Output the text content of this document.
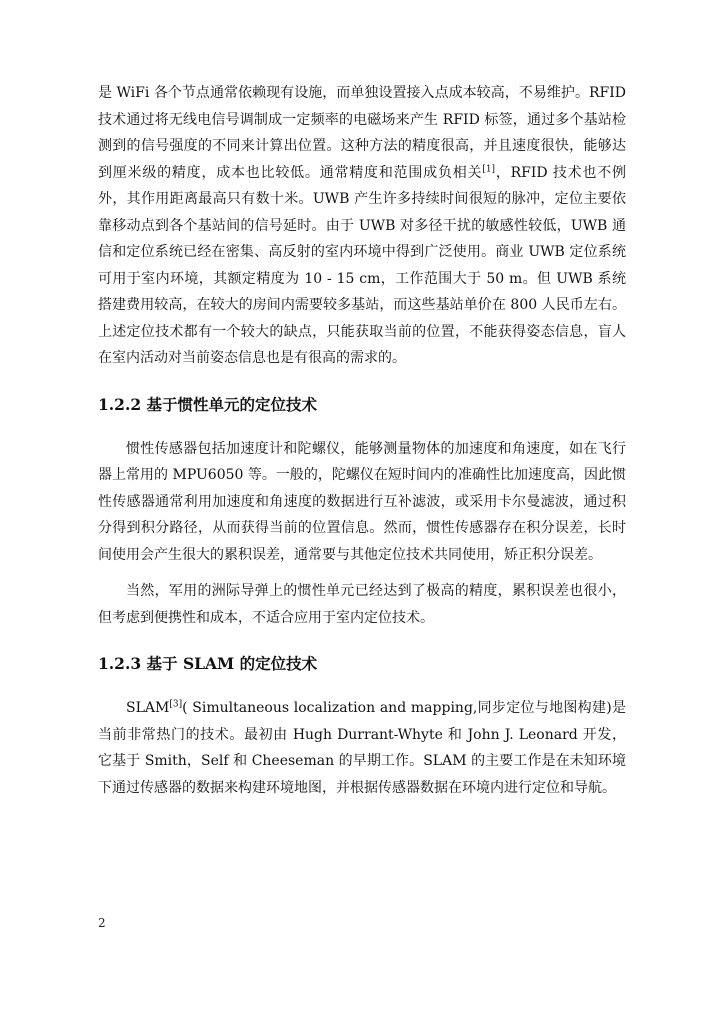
是 WiFi 各个节点通常依赖现有设施，而单独设置接入点成本较高，不易维护。RFID 技术通过将无线电信号调制成一定频率的电磁场来产生 RFID 标签，通过多个基站检测到的信号强度的不同来计算出位置。这种方法的精度很高，并且速度很快，能够达到厘米级的精度，成本也比较低。通常精度和范围成负相关[1]，RFID 技术也不例外，其作用距离最高只有数十米。UWB 产生许多持续时间很短的脉冲，定位主要依靠移动点到各个基站间的信号延时。由于 UWB 对多径干扰的敏感性较低，UWB 通信和定位系统已经在密集、高反射的室内环境中得到广泛使用。商业 UWB 定位系统可用于室内环境，其额定精度为 10 - 15 cm，工作范围大于 50 m。但 UWB 系统搭建费用较高，在较大的房间内需要较多基站，而这些基站单价在 800 人民币左右。上述定位技术都有一个较大的缺点，只能获取当前的位置，不能获得姿态信息，盲人在室内活动对当前姿态信息也是有很高的需求的。

1.2.2 基于惯性单元的定位技术

惯性传感器包括加速度计和陀螺仪，能够测量物体的加速度和角速度，如在飞行器上常用的 MPU6050 等。一般的，陀螺仪在短时间内的准确性比加速度高，因此惯性传感器通常利用加速度和角速度的数据进行互补滤波，或采用卡尔曼滤波，通过积分得到积分路径，从而获得当前的位置信息。然而，惯性传感器存在积分误差，长时间使用会产生很大的累积误差，通常要与其他定位技术共同使用，矫正积分误差。

当然，军用的洲际导弹上的惯性单元已经达到了极高的精度，累积误差也很小，但考虑到便携性和成本，不适合应用于室内定位技术。

1.2.3 基于 SLAM 的定位技术

SLAM[3]( Simultaneous localization and mapping,同步定位与地图构建)是当前非常热门的技术。最初由 Hugh Durrant-Whyte 和 John J. Leonard 开发，它基于 Smith，Self 和 Cheeseman 的早期工作。SLAM 的主要工作是在未知环境下通过传感器的数据来构建环境地图，并根据传感器数据在环境内进行定位和导航。

2
